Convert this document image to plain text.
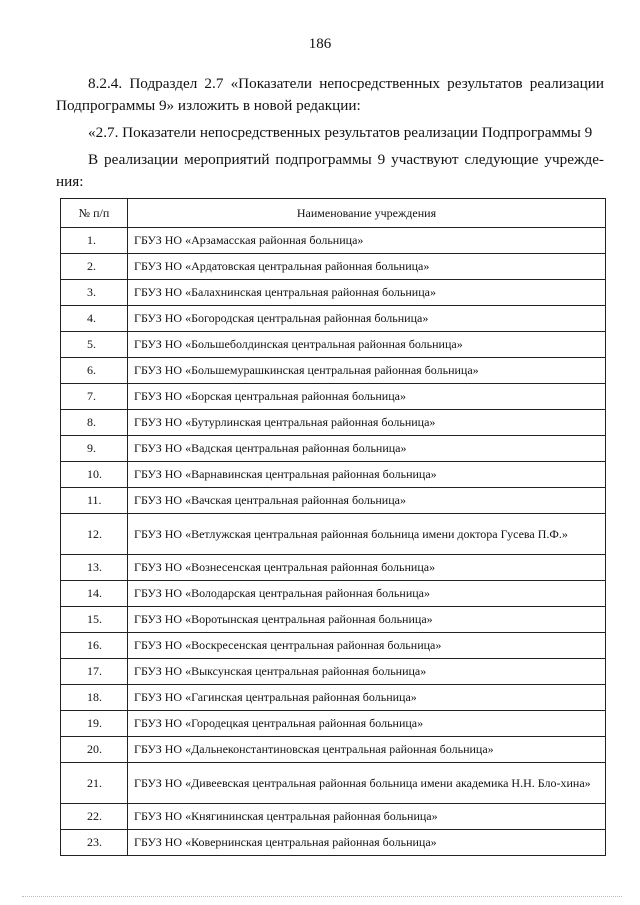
186
8.2.4. Подраздел 2.7 «Показатели непосредственных результатов реализации Подпрограммы 9» изложить в новой редакции:
«2.7. Показатели непосредственных результатов реализации Подпрограммы 9
В реализации мероприятий подпрограммы 9 участвуют следующие учрежде-ния:
№ п/п	Наименование учреждения
1.	ГБУЗ НО «Арзамасская районная больница»
2.	ГБУЗ НО «Ардатовская центральная районная больница»
3.	ГБУЗ НО «Балахнинская центральная районная больница»
4.	ГБУЗ НО «Богородская центральная районная больница»
5.	ГБУЗ НО «Большеболдинская центральная районная больница»
6.	ГБУЗ НО «Большемурашкинская центральная районная больница»
7.	ГБУЗ НО «Борская центральная районная больница»
8.	ГБУЗ НО «Бутурлинская центральная районная больница»
9.	ГБУЗ НО «Вадская центральная районная больница»
10.	ГБУЗ НО «Варнавинская центральная районная больница»
11.	ГБУЗ НО «Вачская центральная районная больница»
12.	ГБУЗ НО «Ветлужская центральная районная больница имени доктора Гусева П.Ф.»
13.	ГБУЗ НО «Вознесенская центральная районная больница»
14.	ГБУЗ НО «Володарская центральная районная больница»
15.	ГБУЗ НО «Воротынская центральная районная больница»
16.	ГБУЗ НО «Воскресенская центральная районная больница»
17.	ГБУЗ НО «Выксунская центральная районная больница»
18.	ГБУЗ НО «Гагинская центральная районная больница»
19.	ГБУЗ НО «Городецкая центральная районная больница»
20.	ГБУЗ НО «Дальнеконстантиновская центральная районная больница»
21.	ГБУЗ НО «Дивеевская центральная районная больница имени академика Н.Н. Бло-хина»
22.	ГБУЗ НО «Княгининская центральная районная больница»
23.	ГБУЗ НО «Ковернинская центральная районная больница»
